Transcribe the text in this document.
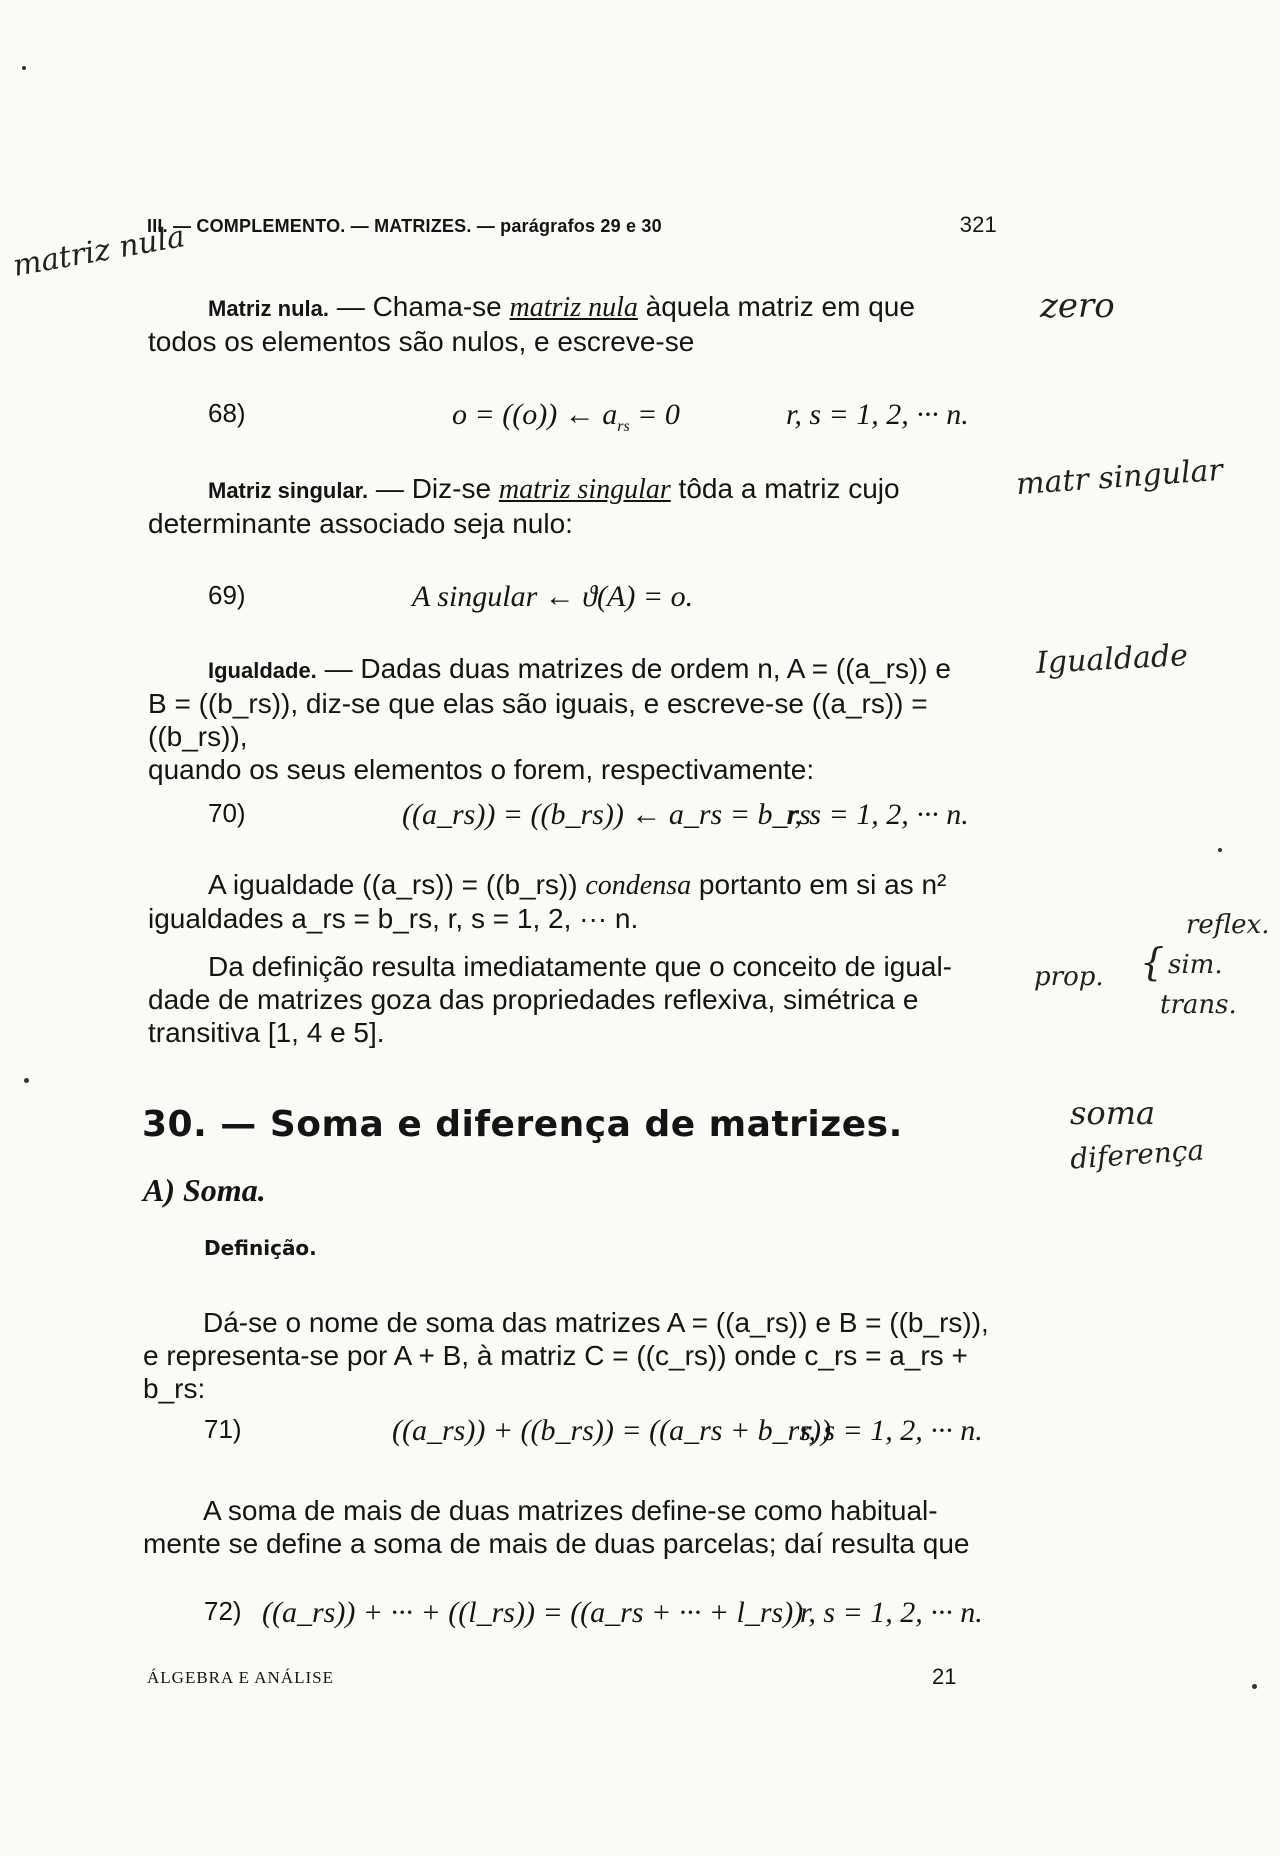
III. — COMPLEMENTO. — MATRIZES. — parágrafos 29 e 30	321
matriz nula
zero
matr singular
Igualdade
reflex.
prop. { sim.
trans.
soma
diferença
Matriz nula. — Chama-se matriz nula àquela matriz em que
todos os elementos são nulos, e escreve-se
68)	o = ((o)) ← $a_{rs} = 0$	r, s = 1, 2, ··· n.
Matriz singular. — Diz-se matriz singular tôda a matriz cujo
determinante associado seja nulo:
69)	A singular ← ϑ(A) = o.
Igualdade. — Dadas duas matrizes de ordem n, A = ((a_rs)) e
B = ((b_rs)), diz-se que elas são iguais, e escreve-se ((a_rs)) = ((b_rs)),
quando os seus elementos o forem, respectivamente:
70)	((a_rs)) = ((b_rs)) ← a_rs = b_rs
r, s = 1, 2, ··· n.
A igualdade ((a_rs)) = ((b_rs)) condensa portanto em si as n²
igualdades a_rs = b_rs, r, s = 1, 2, ··· n.
Da definição resulta imediatamente que o conceito de igual-
dade de matrizes goza das propriedades reflexiva, simétrica e
transitiva [1, 4 e 5].
30. — Soma e diferença de matrizes.
A) Soma.
Definição.
Dá-se o nome de soma das matrizes A = ((a_rs)) e B = ((b_rs)),
e representa-se por A + B, à matriz C = ((c_rs)) onde c_rs = a_rs + b_rs:
71)	((a_rs)) + ((b_rs)) = ((a_rs + b_rs))
r, s = 1, 2, ··· n.
A soma de mais de duas matrizes define-se como habitual-
mente se define a soma de mais de duas parcelas; daí resulta que
72) ((a_rs)) + ··· + ((l_rs)) = ((a_rs + ··· + l_rs))
r, s = 1, 2, ··· n.
ÁLGEBRA E ANÁLISE	21
